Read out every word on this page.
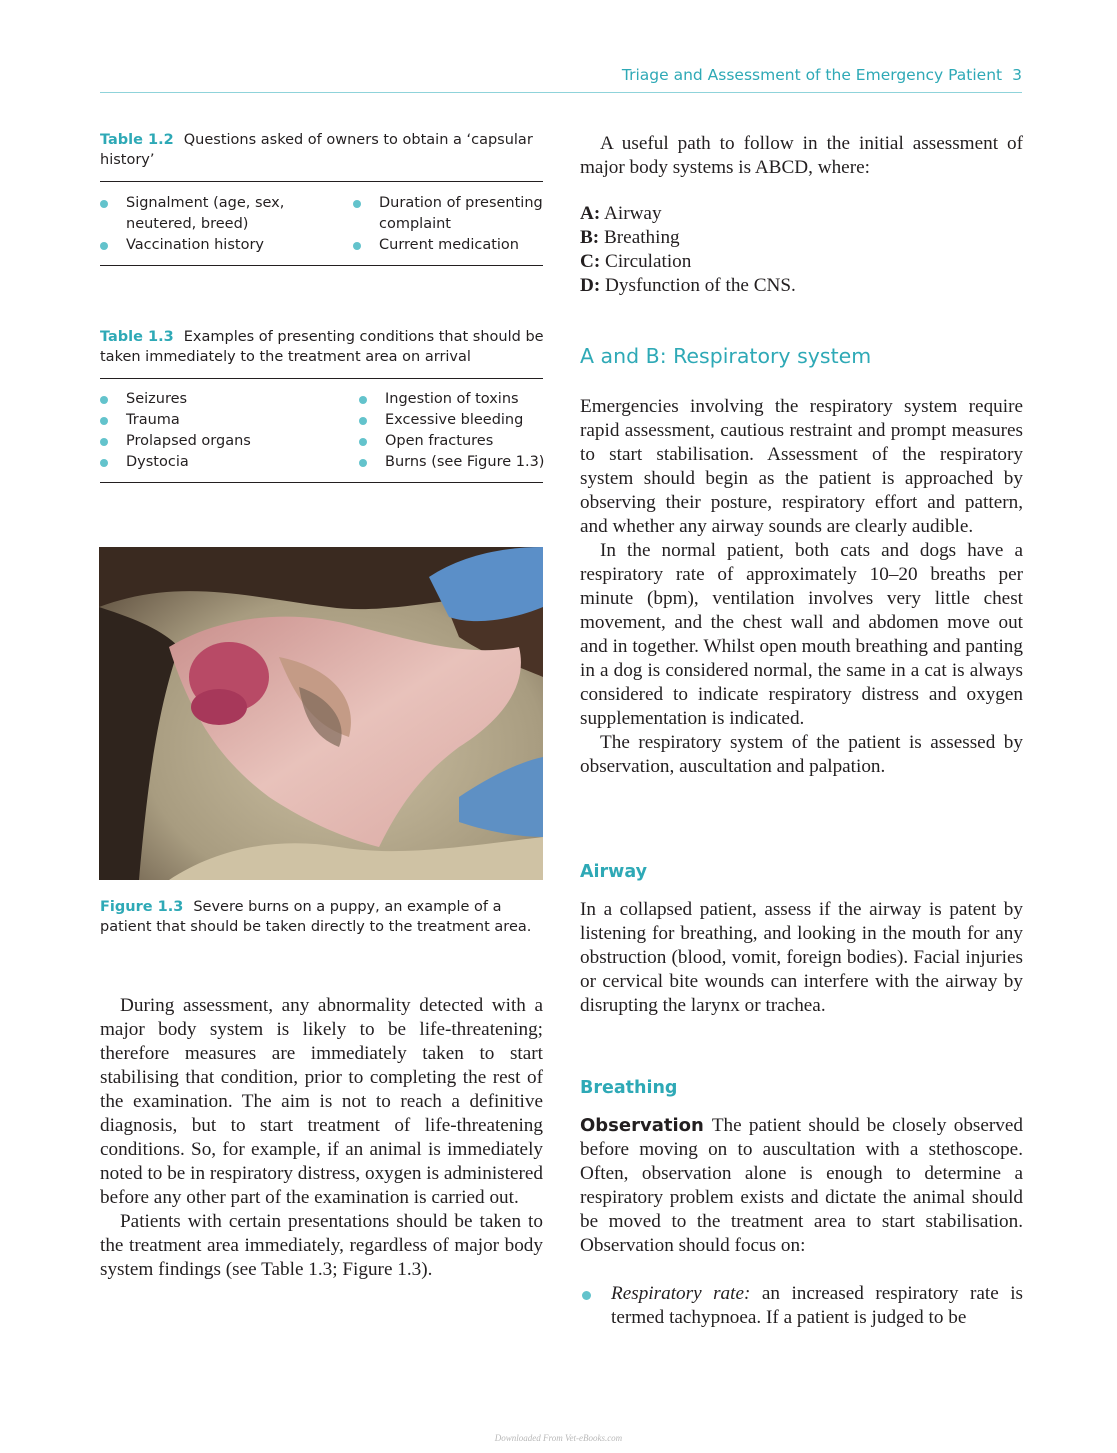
Triage and Assessment of the Emergency Patient 3
Table 1.2 Questions asked of owners to obtain a ‘capsular
history’
Signalment (age, sex,
neutered, breed)
Vaccination history
Duration of presenting
complaint
Current medication
Table 1.3 Examples of presenting conditions that should be
taken immediately to the treatment area on arrival
Seizures
Trauma
Prolapsed organs
Dystocia
Ingestion of toxins
Excessive bleeding
Open fractures
Burns (see Figure 1.3)
Figure 1.3 Severe burns on a puppy, an example of a
patient that should be taken directly to the treatment area.

During assessment, any abnormality detected with a major body system is likely to be life-threatening; therefore measures are immediately taken to start stabilising that condition, prior to completing the rest of the examination. The aim is not to reach a definitive diagnosis, but to start treatment of life-threatening conditions. So, for example, if an animal is immediately noted to be in respiratory distress, oxygen is administered before any other part of the examination is carried out.

Patients with certain presentations should be taken to the treatment area immediately, regardless of major body system findings (see Table 1.3; Figure 1.3).

A useful path to follow in the initial assessment of major body systems is ABCD, where:

A: Airway
B: Breathing
C: Circulation
D: Dysfunction of the CNS.
A and B: Respiratory system

Emergencies involving the respiratory system require rapid assessment, cautious restraint and prompt measures to start stabilisation. Assessment of the respiratory system should begin as the patient is approached by observing their posture, respiratory effort and pattern, and whether any airway sounds are clearly audible.

In the normal patient, both cats and dogs have a respiratory rate of approximately 10–20 breaths per minute (bpm), ventilation involves very little chest movement, and the chest wall and abdomen move out and in together. Whilst open mouth breathing and panting in a dog is considered normal, the same in a cat is always considered to indicate respiratory distress and oxygen supplementation is indicated.

The respiratory system of the patient is assessed by observation, auscultation and palpation.

Airway

In a collapsed patient, assess if the airway is patent by listening for breathing, and looking in the mouth for any obstruction (blood, vomit, foreign bodies). Facial injuries or cervical bite wounds can interfere with the airway by disrupting the larynx or trachea.

Breathing

Observation The patient should be closely observed before moving on to auscultation with a stethoscope. Often, observation alone is enough to determine a respiratory problem exists and dictate the animal should be moved to the treatment area to start stabilisation. Observation should focus on:

Respiratory rate: an increased respiratory rate is termed tachypnoea. If a patient is judged to be
Downloaded From Vet-eBooks.com
